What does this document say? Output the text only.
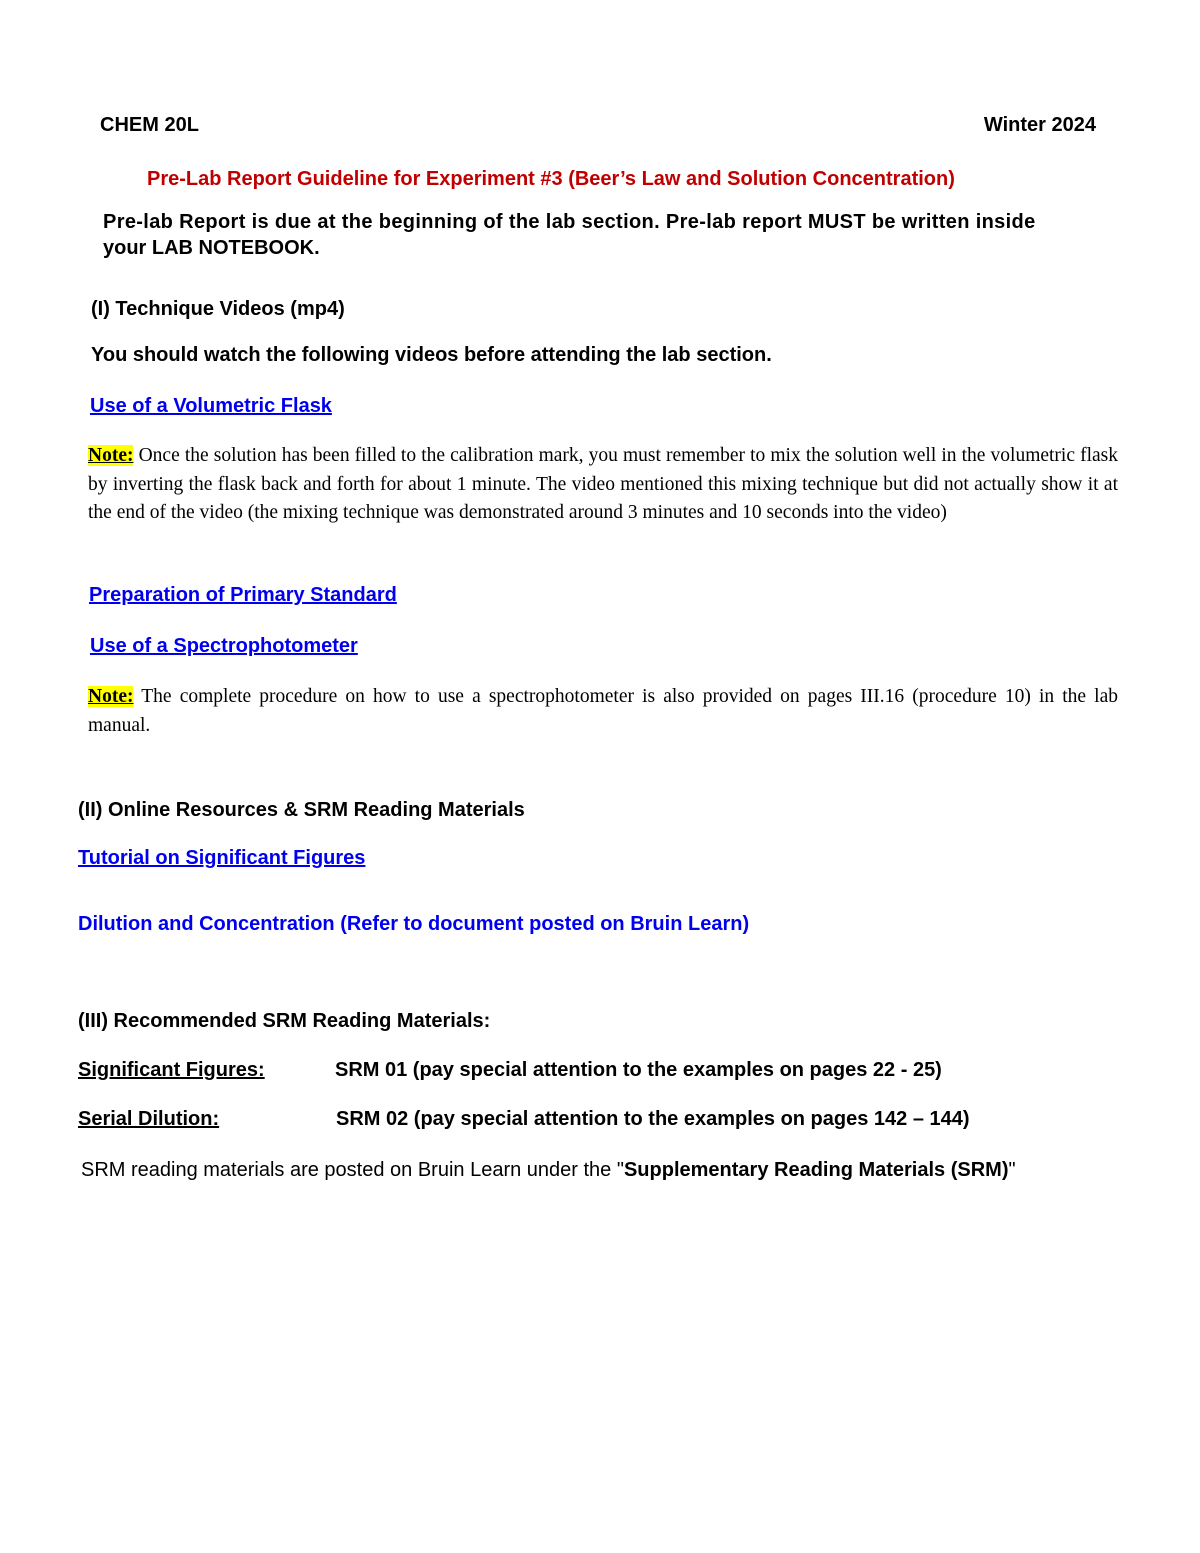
CHEM 20L	Winter 2024
Pre-Lab Report Guideline for Experiment #3 (Beer’s Law and Solution Concentration)
Pre-lab Report is due at the beginning of the lab section. Pre-lab report MUST be written inside
your LAB NOTEBOOK.
(I) Technique Videos (mp4)
You should watch the following videos before attending the lab section.
Use of a Volumetric Flask
Note: Once the solution has been filled to the calibration mark, you must remember to mix the solution well in the volumetric flask by inverting the flask back and forth for about 1 minute. The video mentioned this mixing technique but did not actually show it at the end of the video (the mixing technique was demonstrated around 3 minutes and 10 seconds into the video)
Preparation of Primary Standard
Use of a Spectrophotometer
Note: The complete procedure on how to use a spectrophotometer is also provided on pages III.16 (procedure 10) in the lab manual.
(II) Online Resources & SRM Reading Materials
Tutorial on Significant Figures
Dilution and Concentration (Refer to document posted on Bruin Learn)
(III) Recommended SRM Reading Materials:
Significant Figures:	SRM 01 (pay special attention to the examples on pages 22 - 25)
Serial Dilution:	SRM 02 (pay special attention to the examples on pages 142 – 144)
SRM reading materials are posted on Bruin Learn under the "Supplementary Reading Materials (SRM)"
